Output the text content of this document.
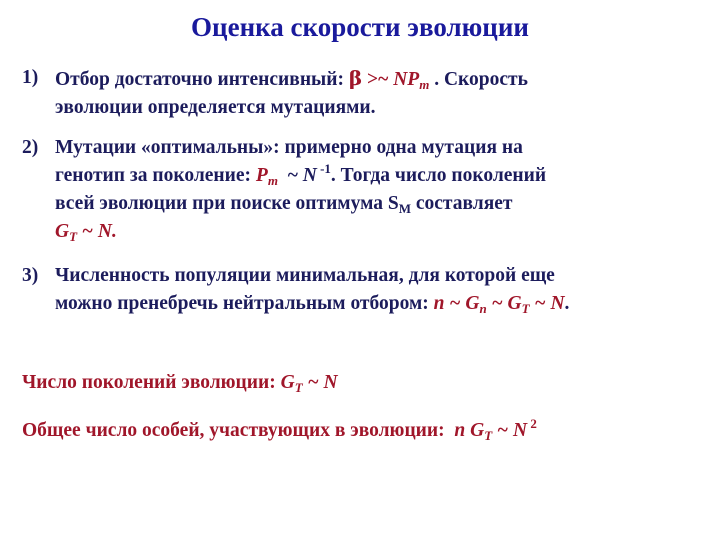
Оценка скорости эволюции
1) Отбор достаточно интенсивный: β >~ $NP_m$ . Скорость
эволюции определяется мутациями.
2) Мутации «оптимальны»: примерно одна мутация на
генотип за поколение: $P_m$  ~ N $^{-1}$. Тогда число поколений
всей эволюции при поиске оптимума $S_M$ составляет
$G_T$ ~ N.
3) Численность популяции минимальная, для которой еще
можно пренебречь нейтральным отбором: n ~ $G_n$ ~ $G_T$ ~ N.
Число поколений эволюции: $G_T$ ~ N
Общее число особей, участвующих в эволюции:  n $G_T$ ~ N $^2$
